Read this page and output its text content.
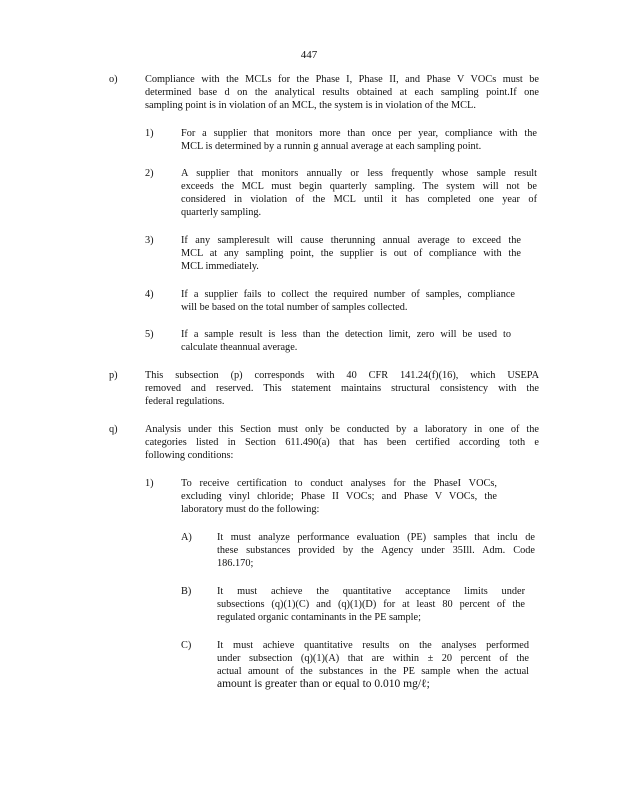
447
o)	Compliance with the MCLs for the Phase I, Phase II, and Phase V VOCs must be
determined base d on the analytical results obtained at each sampling point.If one
sampling point is in violation of an MCL, the system is in violation of the MCL.
1)	For a supplier that monitors more than once per year, compliance with the
MCL is determined by a runnin g annual average at each sampling point.
2)	A supplier that monitors annually or less frequently whose sample result
exceeds the MCL must begin quarterly sampling. The system will not be
considered in violation of the MCL until it has completed one year of
quarterly sampling.
3)	If any sampleresult will cause therunning annual average to exceed the
MCL at any sampling point, the supplier is out of compliance with the
MCL immediately.
4)	If a supplier fails to collect the required number of samples, compliance
will be based on the total number of samples collected.
5)	If a sample result is less than the detection limit, zero will be used to
calculate theannual average.
p)	This subsection (p) corresponds with 40 CFR 141.24(f)(16), which USEPA
removed and reserved. This statement maintains structural consistency with the
federal regulations.
q)	Analysis under this Section must only be conducted by a laboratory in one of the
categories listed in Section 611.490(a) that has been certified according toth e
following conditions:
1)	To receive certification to conduct analyses for the PhaseI VOCs,
excluding vinyl chloride; Phase II VOCs; and Phase V VOCs, the
laboratory must do the following:
A) It must analyze performance evaluation (PE) samples that inclu de
these substances provided by the Agency under 35Ill. Adm. Code
186.170;
B) It must achieve the quantitative acceptance limits under
subsections (q)(1)(C) and (q)(1)(D) for at least 80 percent of the
regulated organic contaminants in the PE sample;
C) It must achieve quantitative results on the analyses performed
under subsection (q)(1)(A) that are within ± 20 percent of the
actual amount of the substances in the PE sample when the actual
amount is greater than or equal to 0.010 mg/ℓ;
